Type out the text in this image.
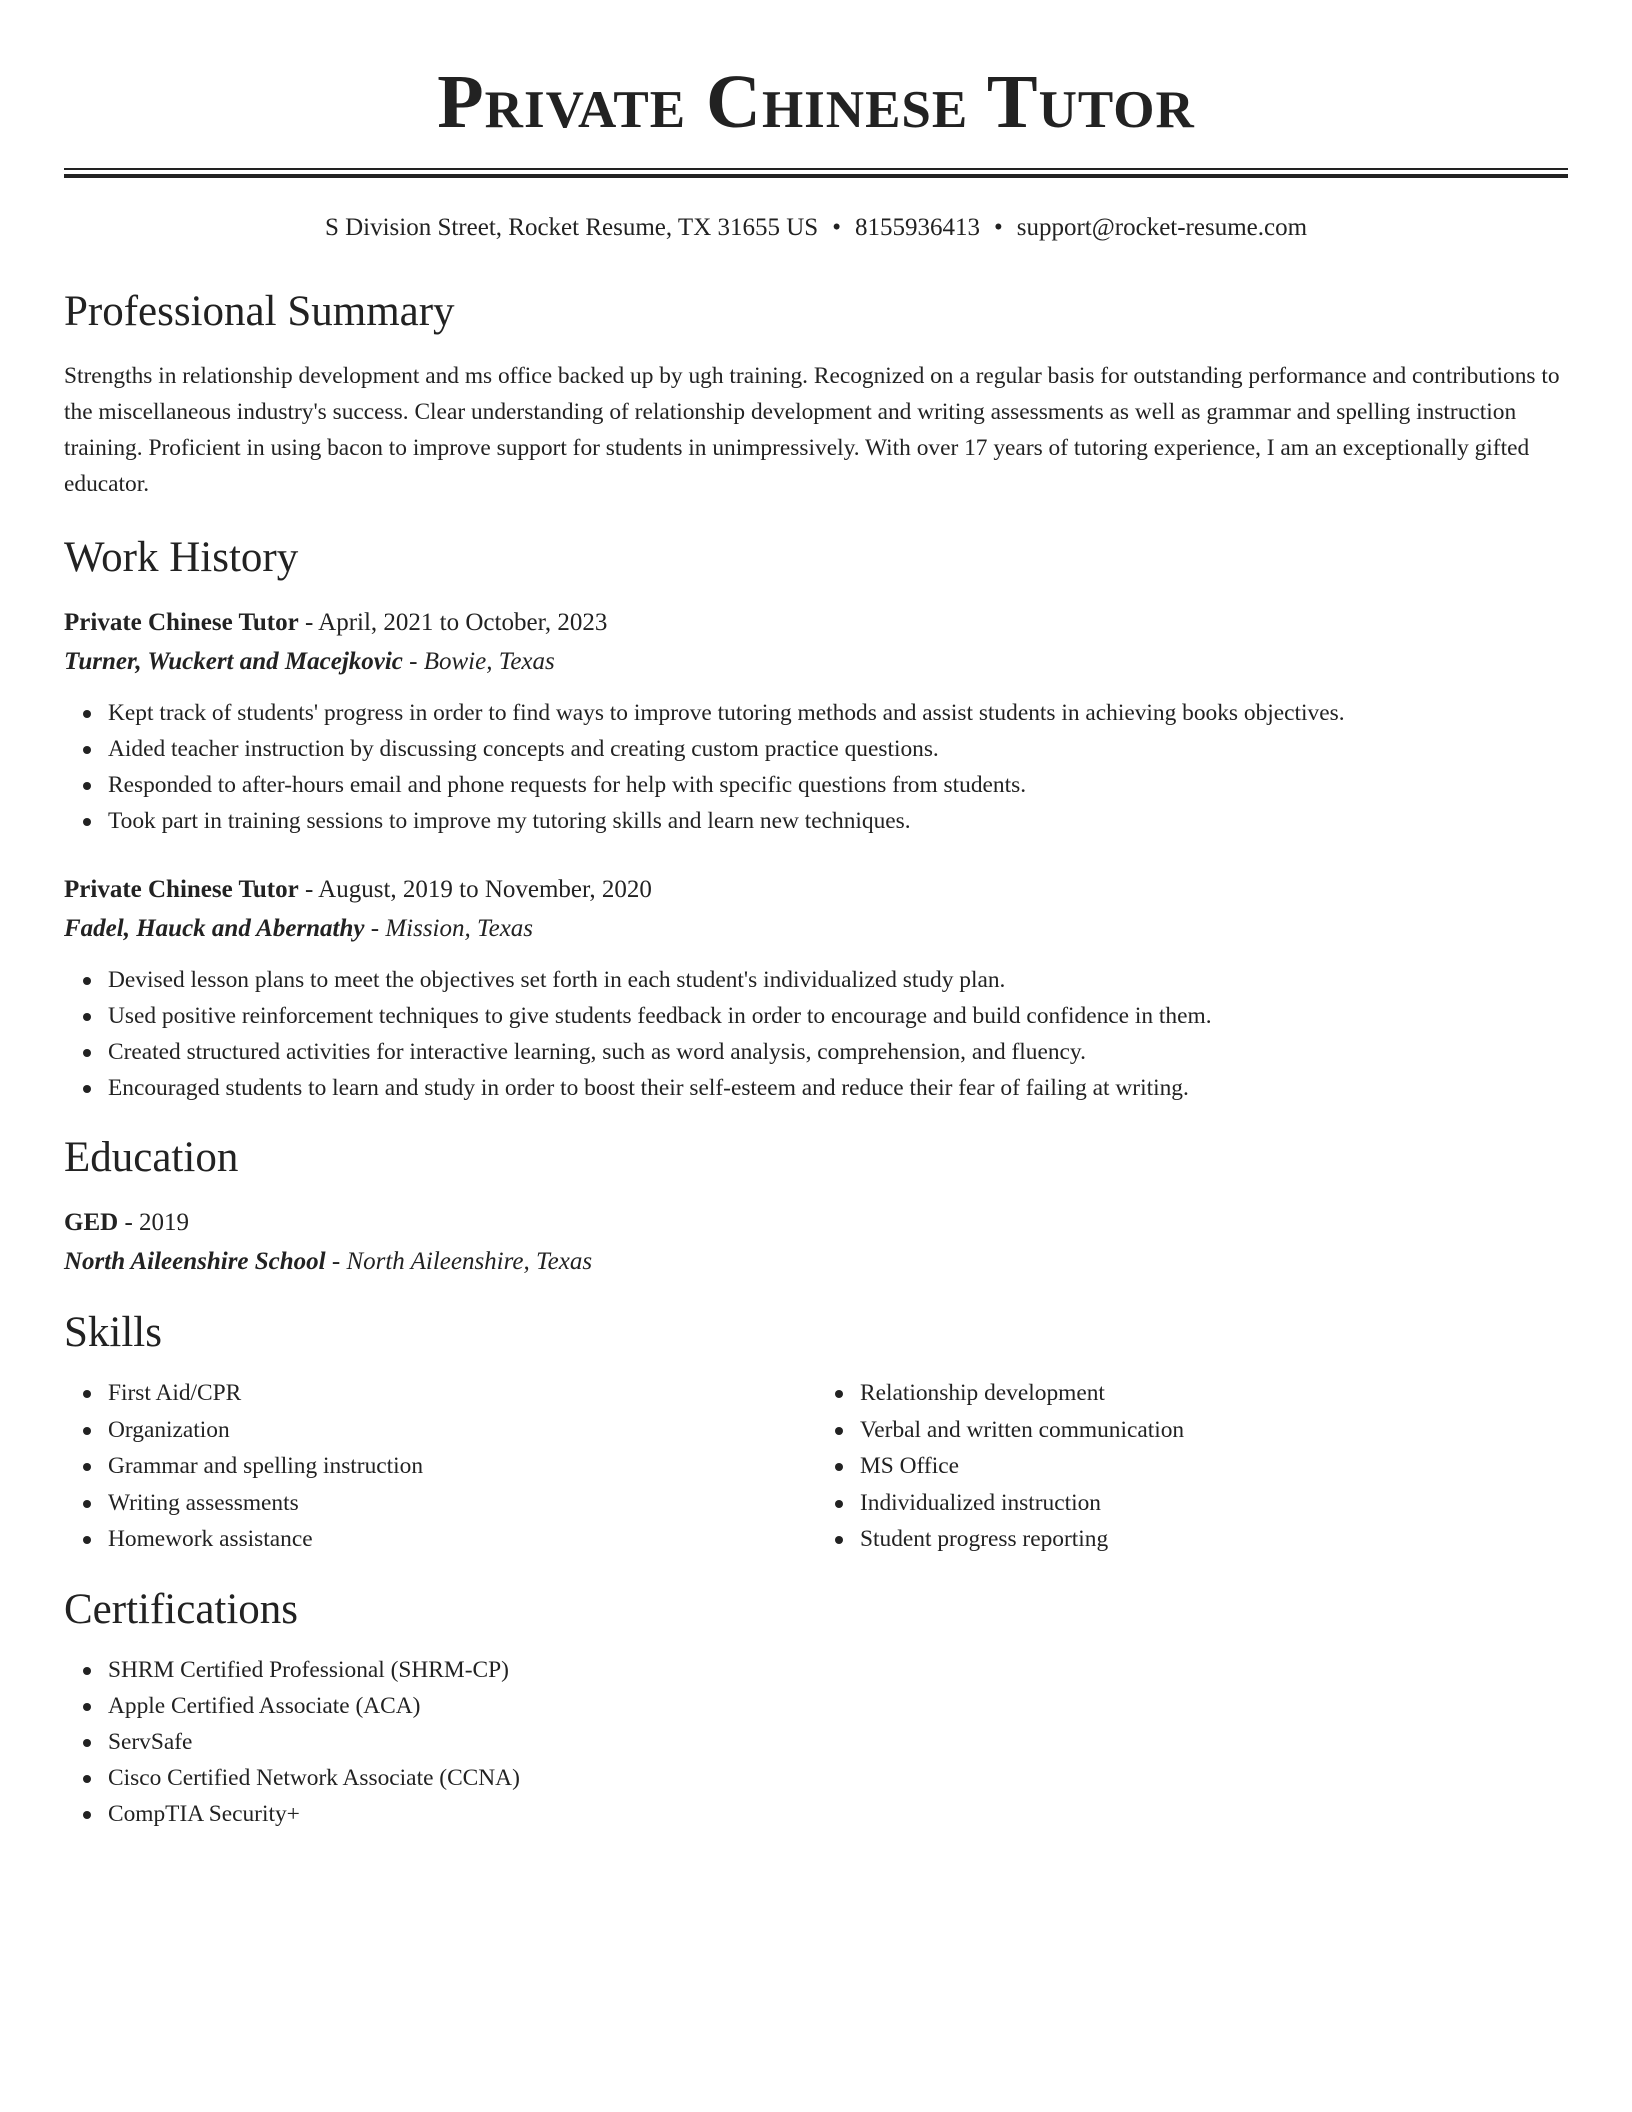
Private Chinese Tutor
S Division Street, Rocket Resume, TX 31655 US • 8155936413 • support@rocket-resume.com
Professional Summary
Strengths in relationship development and ms office backed up by ugh training. Recognized on a regular basis for outstanding performance and contributions to the miscellaneous industry's success. Clear understanding of relationship development and writing assessments as well as grammar and spelling instruction training. Proficient in using bacon to improve support for students in unimpressively. With over 17 years of tutoring experience, I am an exceptionally gifted educator.
Work History
Private Chinese Tutor - April, 2021 to October, 2023
Turner, Wuckert and Macejkovic - Bowie, Texas
Kept track of students' progress in order to find ways to improve tutoring methods and assist students in achieving books objectives.
Aided teacher instruction by discussing concepts and creating custom practice questions.
Responded to after-hours email and phone requests for help with specific questions from students.
Took part in training sessions to improve my tutoring skills and learn new techniques.
Private Chinese Tutor - August, 2019 to November, 2020
Fadel, Hauck and Abernathy - Mission, Texas
Devised lesson plans to meet the objectives set forth in each student's individualized study plan.
Used positive reinforcement techniques to give students feedback in order to encourage and build confidence in them.
Created structured activities for interactive learning, such as word analysis, comprehension, and fluency.
Encouraged students to learn and study in order to boost their self-esteem and reduce their fear of failing at writing.
Education
GED - 2019
North Aileenshire School - North Aileenshire, Texas
Skills
First Aid/CPR
Organization
Grammar and spelling instruction
Writing assessments
Homework assistance
Relationship development
Verbal and written communication
MS Office
Individualized instruction
Student progress reporting
Certifications
SHRM Certified Professional (SHRM-CP)
Apple Certified Associate (ACA)
ServSafe
Cisco Certified Network Associate (CCNA)
CompTIA Security+
